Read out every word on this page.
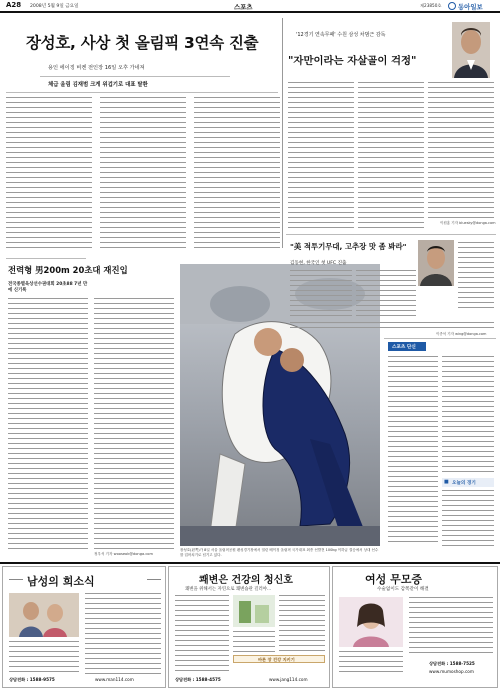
A28 2008년 5월 9일 금요일	스포츠	제23850호	동아일보
장성호, 사상 첫 올림픽 3연속 진출
용인 에이징 비켄 전인장 16일 오후 가네져
체급 올림 김재범 크게 위겁기로 대표 탈환
전력형 男200m 20초대 재진입
전국종별육상선수권대회 20초88 7년 만에 신기록
정우석 기자 wooseok@donga.com
장성호(왼쪽)가 8일 서울 올림픽공원 펜싱경기장에서 열린 베이징 올림픽 국가대표 최종 선발전 100kg 이하급 결승에서 상대 선수를 업어치기로 넘기고 있다.
'12경기 연속무패' 수원 삼성 차범근 감독
"자만이라는 자살골이 걱정"
이원홍 기자 bluesky@donga.com
"美 적투기무대, 고추장 맛 좀 봐라"
김동현, 한국인 첫 UFC 진출
이종석 기자 wing@donga.com
스포츠 단신
■ 오늘의 경기
남성의 희소식
상담전화 : 1588-9575	www.man114.com
쾌변은 건강의 청신호
쾌변을 위해서는 자연으로 쾌변습관 길러야...
바른 장 건강 지키기
상담전화 : 1588-4575	www.jang114.com
여성 무모증
수술없이도 감쪽같이 해결
상담전화 : 1588-7525
www.mumoshop.com
